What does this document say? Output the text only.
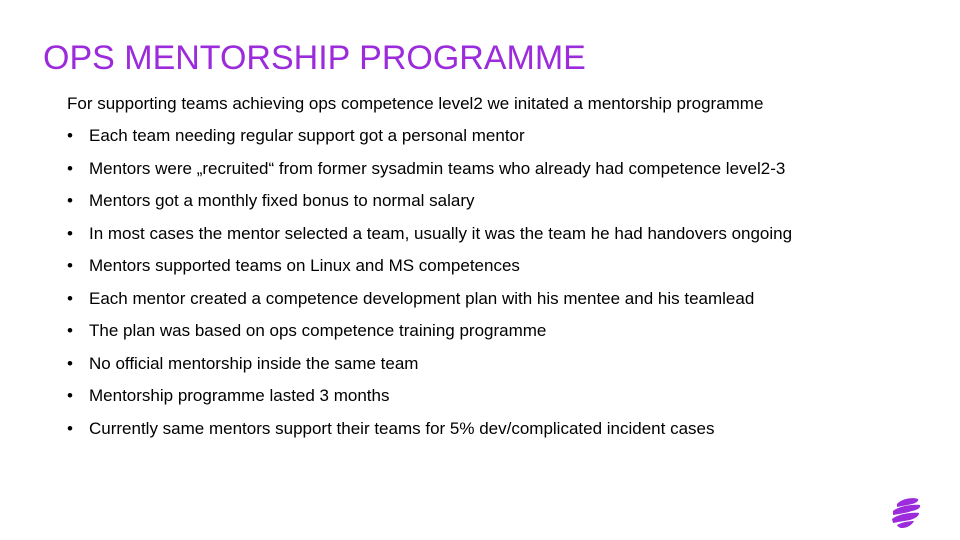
OPS MENTORSHIP PROGRAMME

For supporting teams achieving ops competence level2 we initated a mentorship programme

• Each team needing regular support got a personal mentor
• Mentors were „recruited“ from former sysadmin teams who already had competence level2-3
• Mentors got a monthly fixed bonus to normal salary
• In most cases the mentor selected a team, usually it was the team he had handovers ongoing
• Mentors supported teams on Linux and MS competences
• Each mentor created a competence development plan with his mentee and his teamlead
• The plan was based on ops competence training programme
• No official mentorship inside the same team
• Mentorship programme lasted 3 months
• Currently same mentors support their teams for 5% dev/complicated incident cases
